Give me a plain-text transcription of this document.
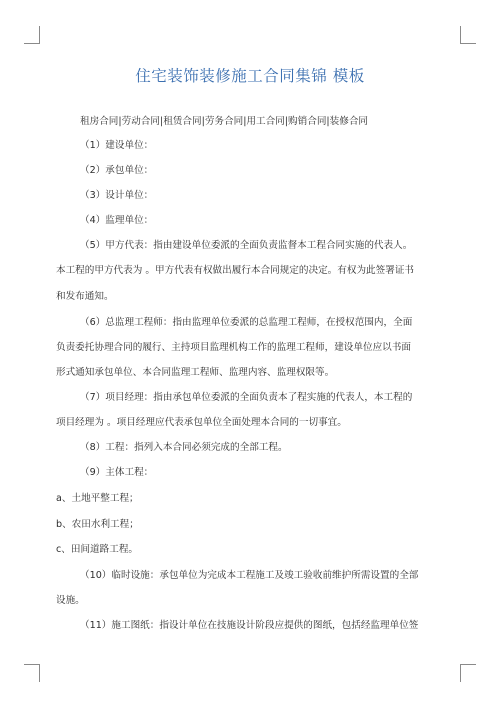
住宅装饰装修施工合同集锦 模板
租房合同|劳动合同|租赁合同|劳务合同|用工合同|购销合同|装修合同
（1）建设单位：
（2）承包单位：
（3）设计单位：
（4）监理单位：
（5）甲方代表：指由建设单位委派的全面负责监督本工程合同实施的代表人。
本工程的甲方代表为 。甲方代表有权做出履行本合同规定的决定。有权为此签署证书
和发布通知。
（6）总监理工程师：指由监理单位委派的总监理工程师，在授权范围内，全面
负责委托协理合同的履行、主持项目监理机构工作的监理工程师，建设单位应以书面
形式通知承包单位、本合同监理工程师、监理内容、监理权限等。
（7）项目经理：指由承包单位委派的全面负责本了程实施的代表人，本工程的
项目经理为 。项目经理应代表承包单位全面处理本合同的一切事宜。
（8）工程：指列入本合同必须完成的全部工程。
（9）主体工程：
a、土地平整工程；
b、农田水利工程；
c、田间道路工程。
（10）临时设施：承包单位为完成本工程施工及竣工验收前维护所需设置的全部
设施。
（11）施工图纸：指设计单位在技施设计阶段应提供的图纸，包括经监理单位签
